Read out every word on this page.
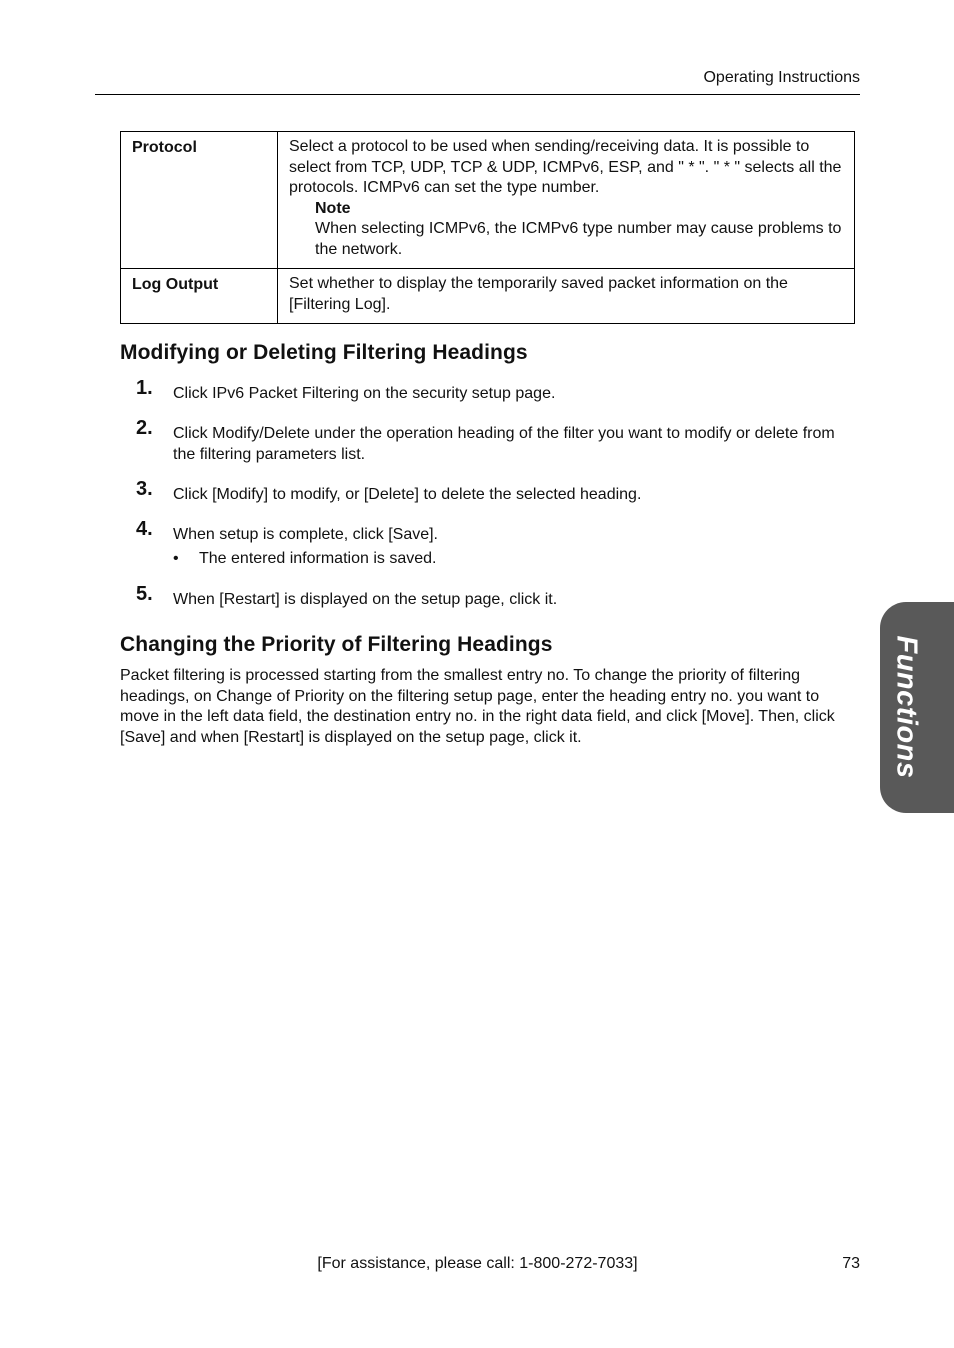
Operating Instructions
Protocol	Select a protocol to be used when sending/receiving data. It is possible to select from TCP, UDP, TCP & UDP, ICMPv6, ESP, and " * ". " * " selects all the protocols. ICMPv6 can set the type number.
Note
When selecting ICMPv6, the ICMPv6 type number may cause problems to the network.

Log Output	Set whether to display the temporarily saved packet information on the [Filtering Log].
Modifying or Deleting Filtering Headings
1. Click IPv6 Packet Filtering on the security setup page.
2. Click Modify/Delete under the operation heading of the filter you want to modify or delete from the filtering parameters list.
3. Click [Modify] to modify, or [Delete] to delete the selected heading.
4. When setup is complete, click [Save].
• The entered information is saved.
5. When [Restart] is displayed on the setup page, click it.
Changing the Priority of Filtering Headings
Packet filtering is processed starting from the smallest entry no. To change the priority of filtering headings, on Change of Priority on the filtering setup page, enter the heading entry no. you want to move in the left data field, the destination entry no. in the right data field, and click [Move]. Then, click [Save] and when [Restart] is displayed on the setup page, click it.	Functions
[For assistance, please call: 1-800-272-7033]	73
